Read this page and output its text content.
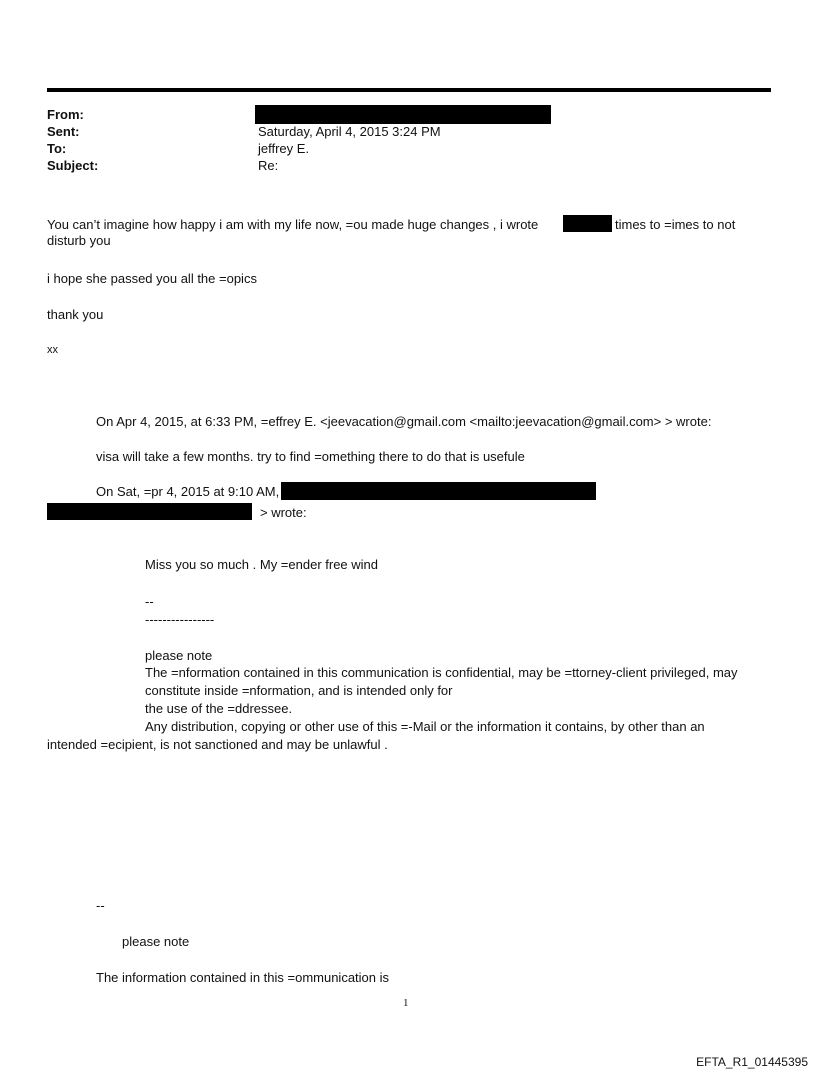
From:
Sent:	Saturday, April 4, 2015 3:24 PM
To:	jeffrey E.
Subject:	Re:
You can’t imagine how happy i am with my life now, =ou made huge changes , i wrote	times to =imes to not
disturb you
i hope she passed you all the =opics
thank you
xx
On Apr 4, 2015, at 6:33 PM, =effrey E. <jeevacation@gmail.com <mailto:jeevacation@gmail.com> > wrote:
visa will take a few months. try to find =omething there to do that is usefule
On Sat, =pr 4, 2015 at 9:10 AM,
> wrote:
Miss you so much . My =ender free wind
--
----------------
please note
The =nformation contained in this communication is confidential, may be =ttorney-client privileged, may
constitute inside =nformation, and is intended only for
the use of the =ddressee.
Any distribution, copying or other use of this =-Mail or the information it contains, by other than an
intended =ecipient, is not sanctioned and may be unlawful .
--
please note
The information contained in this =ommunication is
1
EFTA_R1_01445395
